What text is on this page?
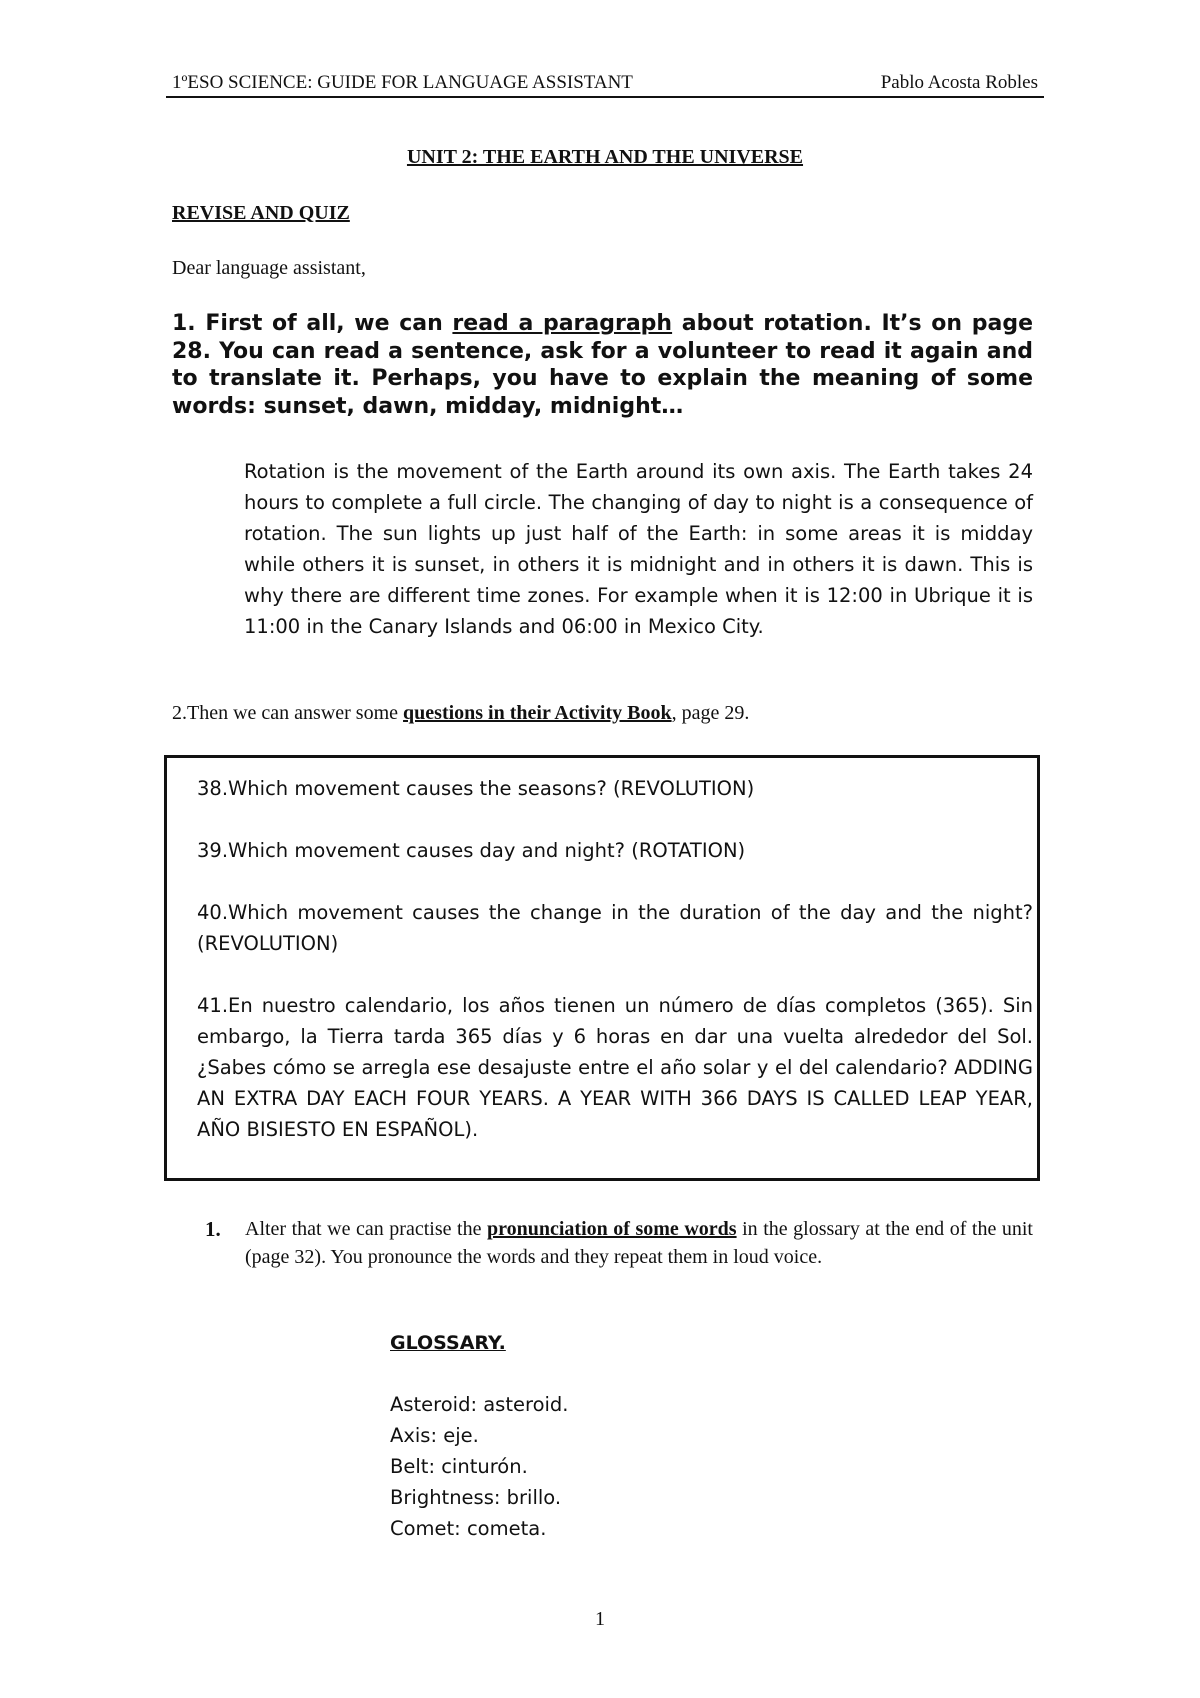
1ºESO SCIENCE: GUIDE FOR LANGUAGE ASSISTANT	Pablo Acosta Robles
UNIT 2: THE EARTH AND THE UNIVERSE
REVISE AND QUIZ
Dear language assistant,
1. First of all, we can read a paragraph about rotation. It’s on page 28. You can read a sentence, ask for a volunteer to read it again and to translate it. Perhaps, you have to explain the meaning of some words: sunset, dawn, midday, midnight…
Rotation is the movement of the Earth around its own axis. The Earth takes 24 hours to complete a full circle. The changing of day to night is a consequence of rotation. The sun lights up just half of the Earth: in some areas it is midday while others it is sunset, in others it is midnight and in others it is dawn. This is why there are different time zones. For example when it is 12:00 in Ubrique it is 11:00 in the Canary Islands and 06:00 in Mexico City.
2.Then we can answer some questions in their Activity Book, page 29.
38.Which movement causes the seasons? (REVOLUTION)
39.Which movement causes day and night? (ROTATION)
40.Which movement causes the change in the duration of the day and the night? (REVOLUTION)
41.En nuestro calendario, los años tienen un número de días completos (365). Sin embargo, la Tierra tarda 365 días y 6 horas en dar una vuelta alrededor del Sol. ¿Sabes cómo se arregla ese desajuste entre el año solar y el del calendario? ADDING AN EXTRA DAY EACH FOUR YEARS. A YEAR WITH 366 DAYS IS CALLED LEAP YEAR, AÑO BISIESTO EN ESPAÑOL).
1. Alter that we can practise the pronunciation of some words in the glossary at the end of the unit (page 32). You pronounce the words and they repeat them in loud voice.
GLOSSARY.
Asteroid: asteroid.
Axis: eje.
Belt: cinturón.
Brightness: brillo.
Comet: cometa.
1
